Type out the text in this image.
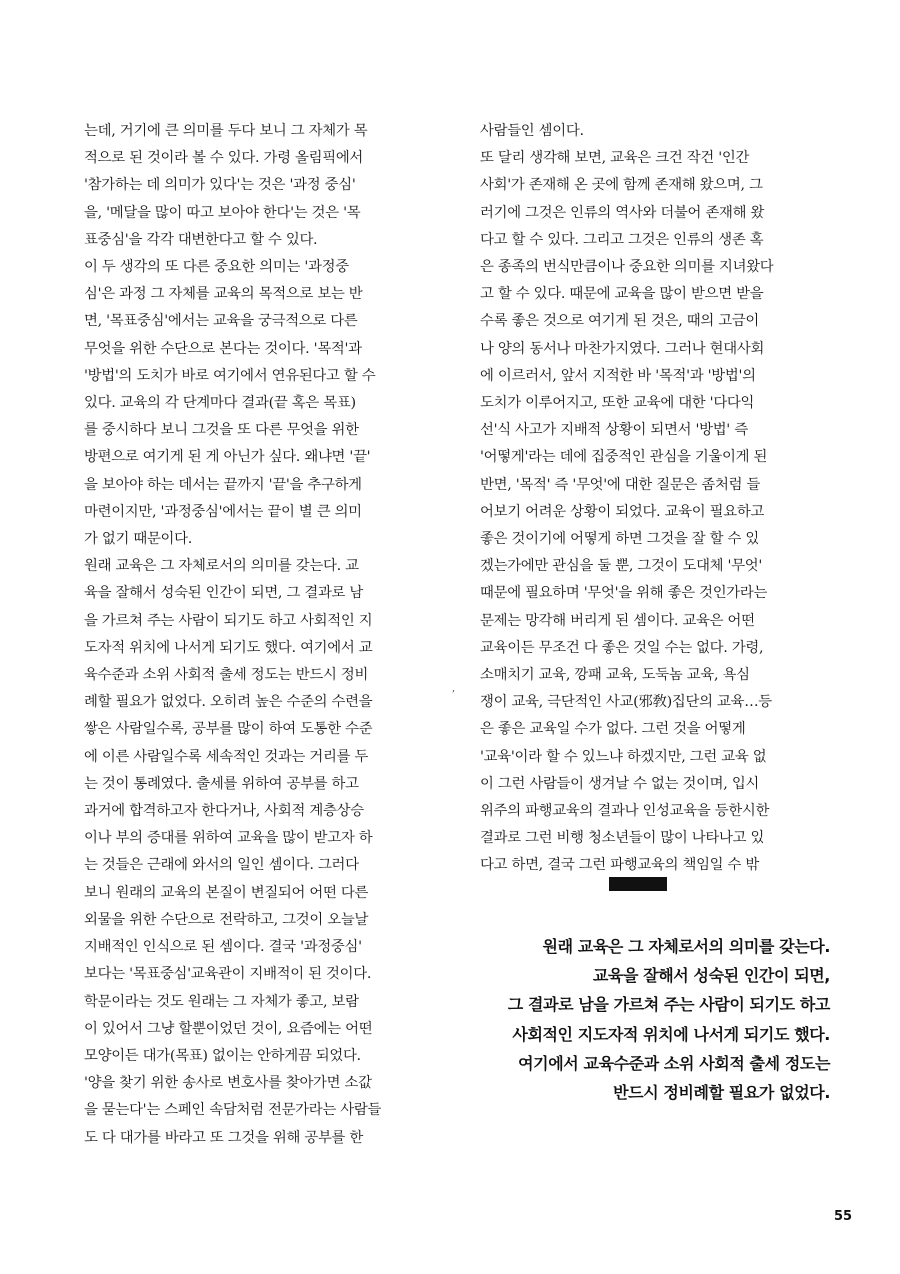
는데, 거기에 큰 의미를 두다 보니 그 자체가 목
적으로 된 것이라 볼 수 있다. 가령 올림픽에서
'참가하는 데 의미가 있다'는 것은 '과정 중심'
을, '메달을 많이 따고 보아야 한다'는 것은 '목
표중심'을 각각 대변한다고 할 수 있다.
이 두 생각의 또 다른 중요한 의미는 '과정중
심'은 과정 그 자체를 교육의 목적으로 보는 반
면, '목표중심'에서는 교육을 궁극적으로 다른
무엇을 위한 수단으로 본다는 것이다. '목적'과
'방법'의 도치가 바로 여기에서 연유된다고 할 수
있다. 교육의 각 단계마다 결과(끝 혹은 목표)
를 중시하다 보니 그것을 또 다른 무엇을 위한
방편으로 여기게 된 게 아닌가 싶다. 왜냐면 '끝'
을 보아야 하는 데서는 끝까지 '끝'을 추구하게
마련이지만, '과정중심'에서는 끝이 별 큰 의미
가 없기 때문이다.
원래 교육은 그 자체로서의 의미를 갖는다. 교
육을 잘해서 성숙된 인간이 되면, 그 결과로 남
을 가르쳐 주는 사람이 되기도 하고 사회적인 지
도자적 위치에 나서게 되기도 했다. 여기에서 교
육수준과 소위 사회적 출세 정도는 반드시 정비
례할 필요가 없었다. 오히려 높은 수준의 수련을
쌓은 사람일수록, 공부를 많이 하여 도통한 수준
에 이른 사람일수록 세속적인 것과는 거리를 두
는 것이 통례였다. 출세를 위하여 공부를 하고
과거에 합격하고자 한다거나, 사회적 계층상승
이나 부의 증대를 위하여 교육을 많이 받고자 하
는 것들은 근래에 와서의 일인 셈이다. 그러다
보니 원래의 교육의 본질이 변질되어 어떤 다른
외물을 위한 수단으로 전락하고, 그것이 오늘날
지배적인 인식으로 된 셈이다. 결국 '과정중심'
보다는 '목표중심'교육관이 지배적이 된 것이다.
학문이라는 것도 원래는 그 자체가 좋고, 보람
이 있어서 그냥 할뿐이었던 것이, 요즘에는 어떤
모양이든 대가(목표) 없이는 안하게끔 되었다.
'양을 찾기 위한 송사로 변호사를 찾아가면 소값
을 묻는다'는 스페인 속담처럼 전문가라는 사람들
도 다 대가를 바라고 또 그것을 위해 공부를 한
,
사람들인 셈이다.
또 달리 생각해 보면, 교육은 크건 작건 '인간
사회'가 존재해 온 곳에 함께 존재해 왔으며, 그
러기에 그것은 인류의 역사와 더불어 존재해 왔
다고 할 수 있다. 그리고 그것은 인류의 생존 혹
은 종족의 번식만큼이나 중요한 의미를 지녀왔다
고 할 수 있다. 때문에 교육을 많이 받으면 받을
수록 좋은 것으로 여기게 된 것은, 때의 고금이
나 양의 동서나 마찬가지였다. 그러나 현대사회
에 이르러서, 앞서 지적한 바 '목적'과 '방법'의
도치가 이루어지고, 또한 교육에 대한 '다다익
선'식 사고가 지배적 상황이 되면서 '방법' 즉
'어떻게'라는 데에 집중적인 관심을 기울이게 된
반면, '목적' 즉 '무엇'에 대한 질문은 좀처럼 들
어보기 어려운 상황이 되었다. 교육이 필요하고
좋은 것이기에 어떻게 하면 그것을 잘 할 수 있
겠는가에만 관심을 둘 뿐, 그것이 도대체 '무엇'
때문에 필요하며 '무엇'을 위해 좋은 것인가라는
문제는 망각해 버리게 된 셈이다. 교육은 어떤
교육이든 무조건 다 좋은 것일 수는 없다. 가령,
소매치기 교육, 깡패 교육, 도둑놈 교육, 욕심
쟁이 교육, 극단적인 사교(邪敎)집단의 교육…등
은 좋은 교육일 수가 없다. 그런 것을 어떻게
'교육'이라 할 수 있느냐 하겠지만, 그런 교육 없
이 그런 사람들이 생겨날 수 없는 것이며, 입시
위주의 파행교육의 결과나 인성교육을 등한시한
결과로 그런 비행 청소년들이 많이 나타나고 있
다고 하면, 결국 그런 파행교육의 책임일 수 밖
원래 교육은 그 자체로서의 의미를 갖는다.
교육을 잘해서 성숙된 인간이 되면,
그 결과로 남을 가르쳐 주는 사람이 되기도 하고
사회적인 지도자적 위치에 나서게 되기도 했다.
여기에서 교육수준과 소위 사회적 출세 정도는
반드시 정비례할 필요가 없었다.
55
